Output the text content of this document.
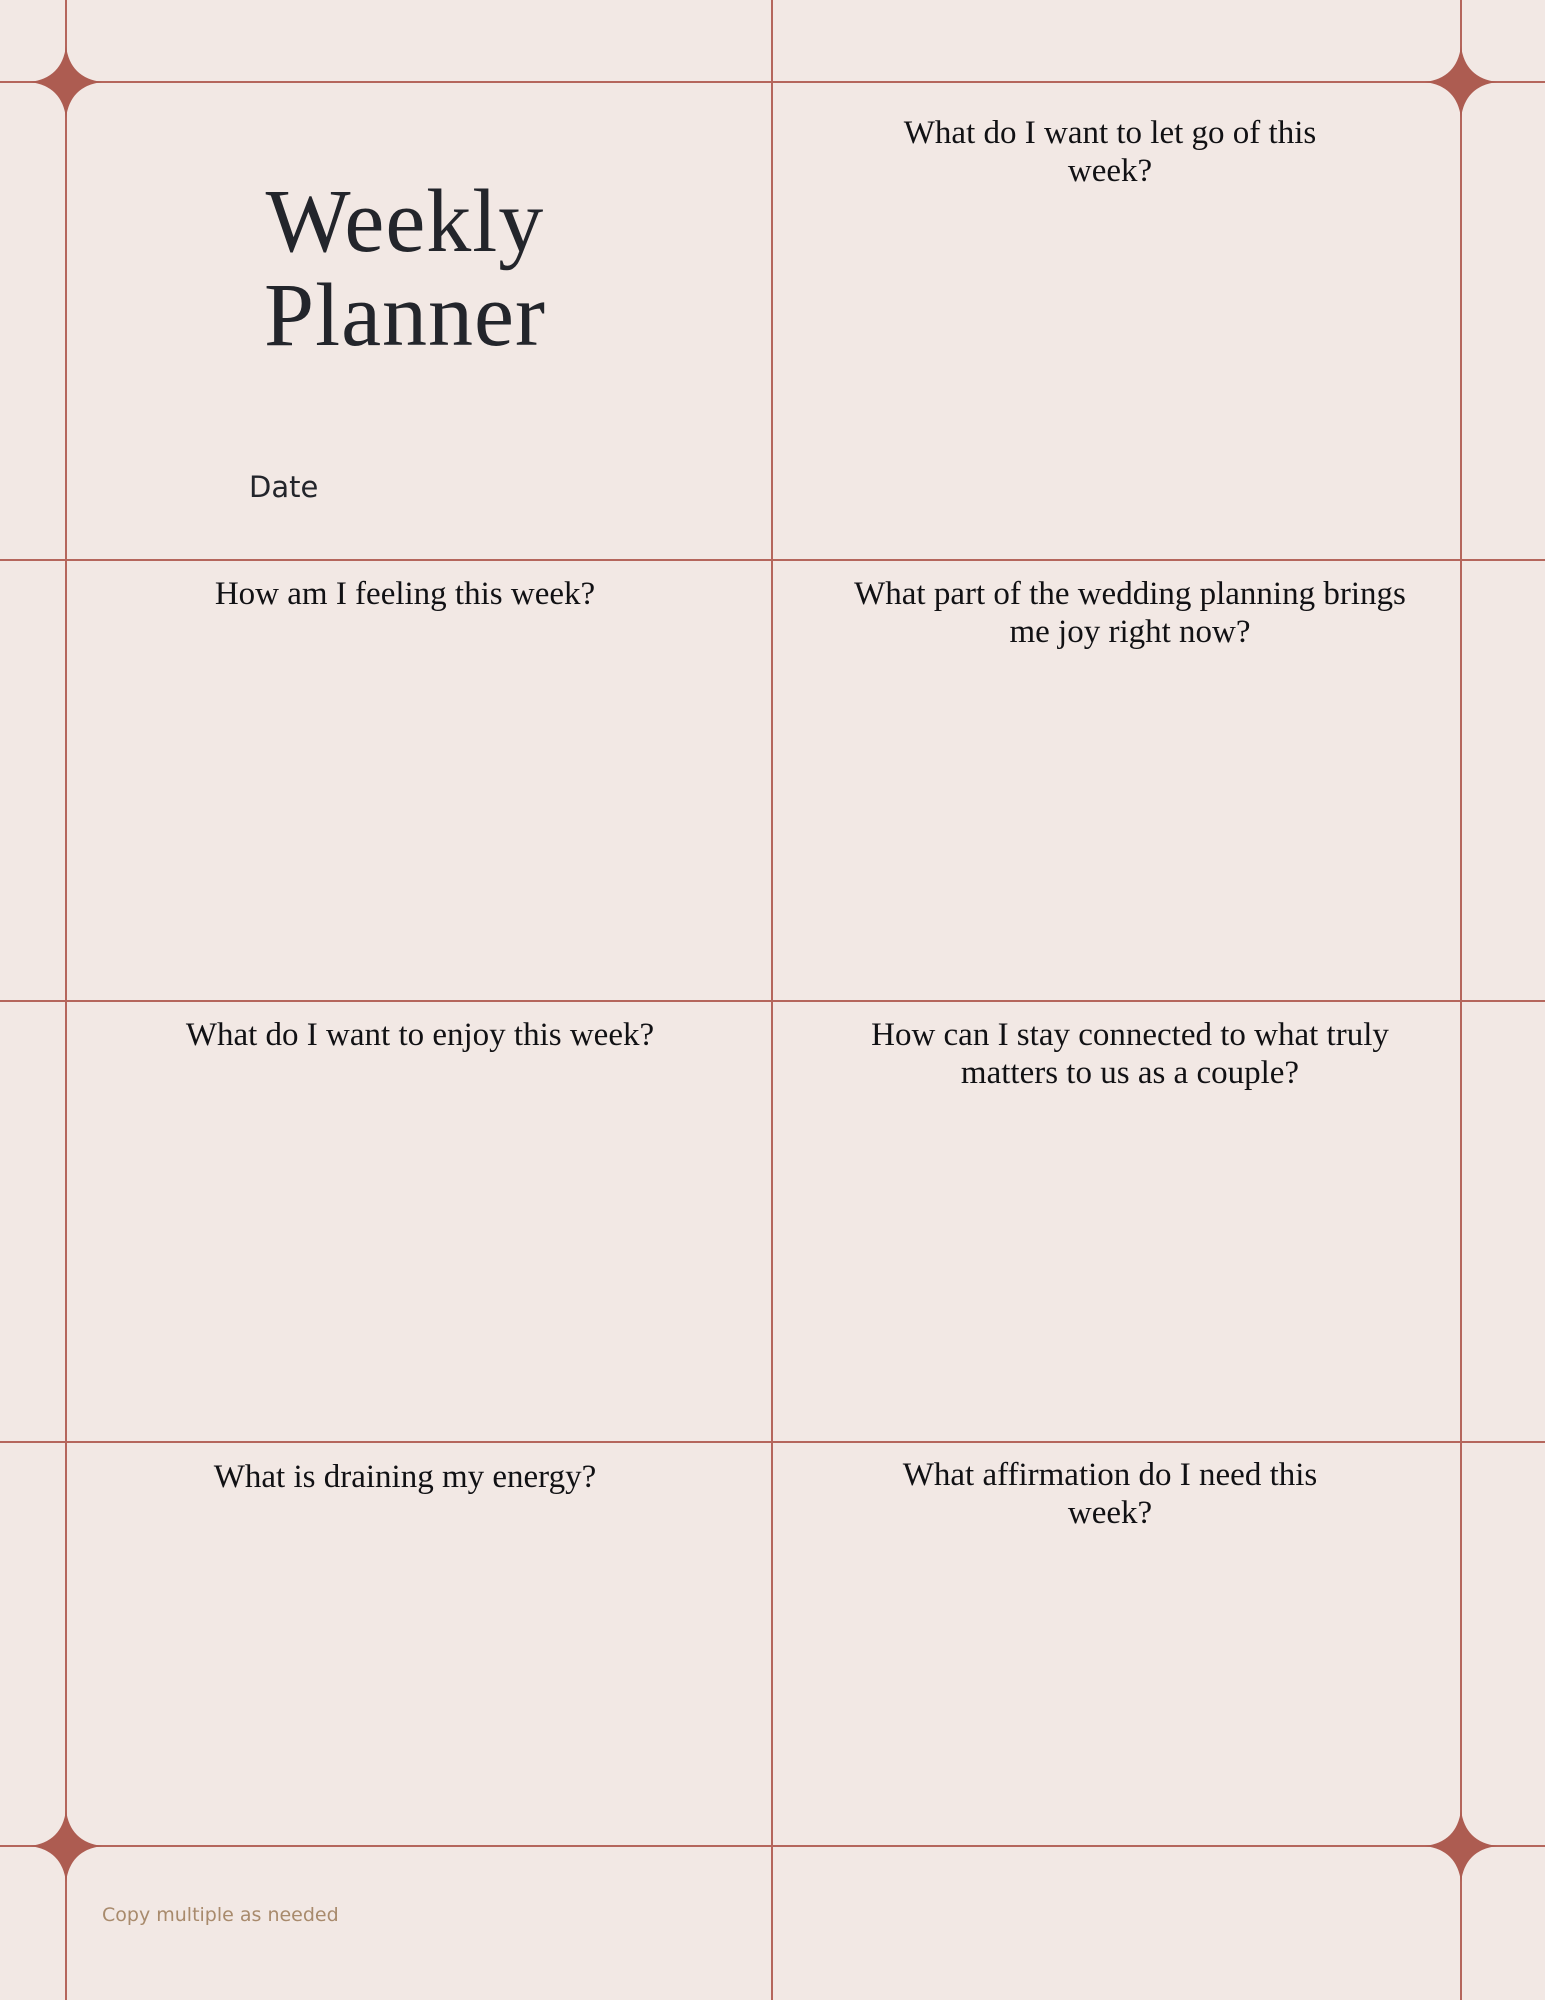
Weekly
Planner
Date
What do I want to let go of this week?
How am I feeling this week?	What part of the wedding planning brings me joy right now?
What do I want to enjoy this week?	How can I stay connected to what truly matters to us as a couple?
What is draining my energy?	What affirmation do I need this week?
Copy multiple as needed
